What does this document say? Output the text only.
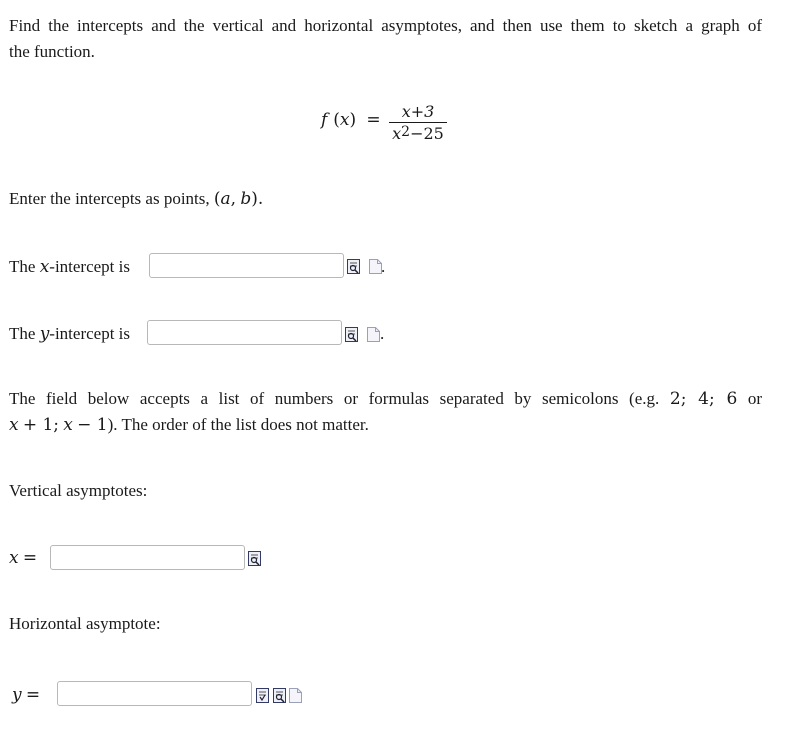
Find the intercepts and the vertical and horizontal asymptotes, and then use them to sketch a graph of
the function.
f  (x) =	x+3
$x^2-25$
Enter the intercepts as points, (a, b).
The x-intercept is	.
The y-intercept is	.
The field below accepts a list of numbers or formulas separated by semicolons (e.g. 2; 4; 6 or
x + 1; x − 1). The order of the list does not matter.
Vertical asymptotes:
x =
Horizontal asymptote:
y =
